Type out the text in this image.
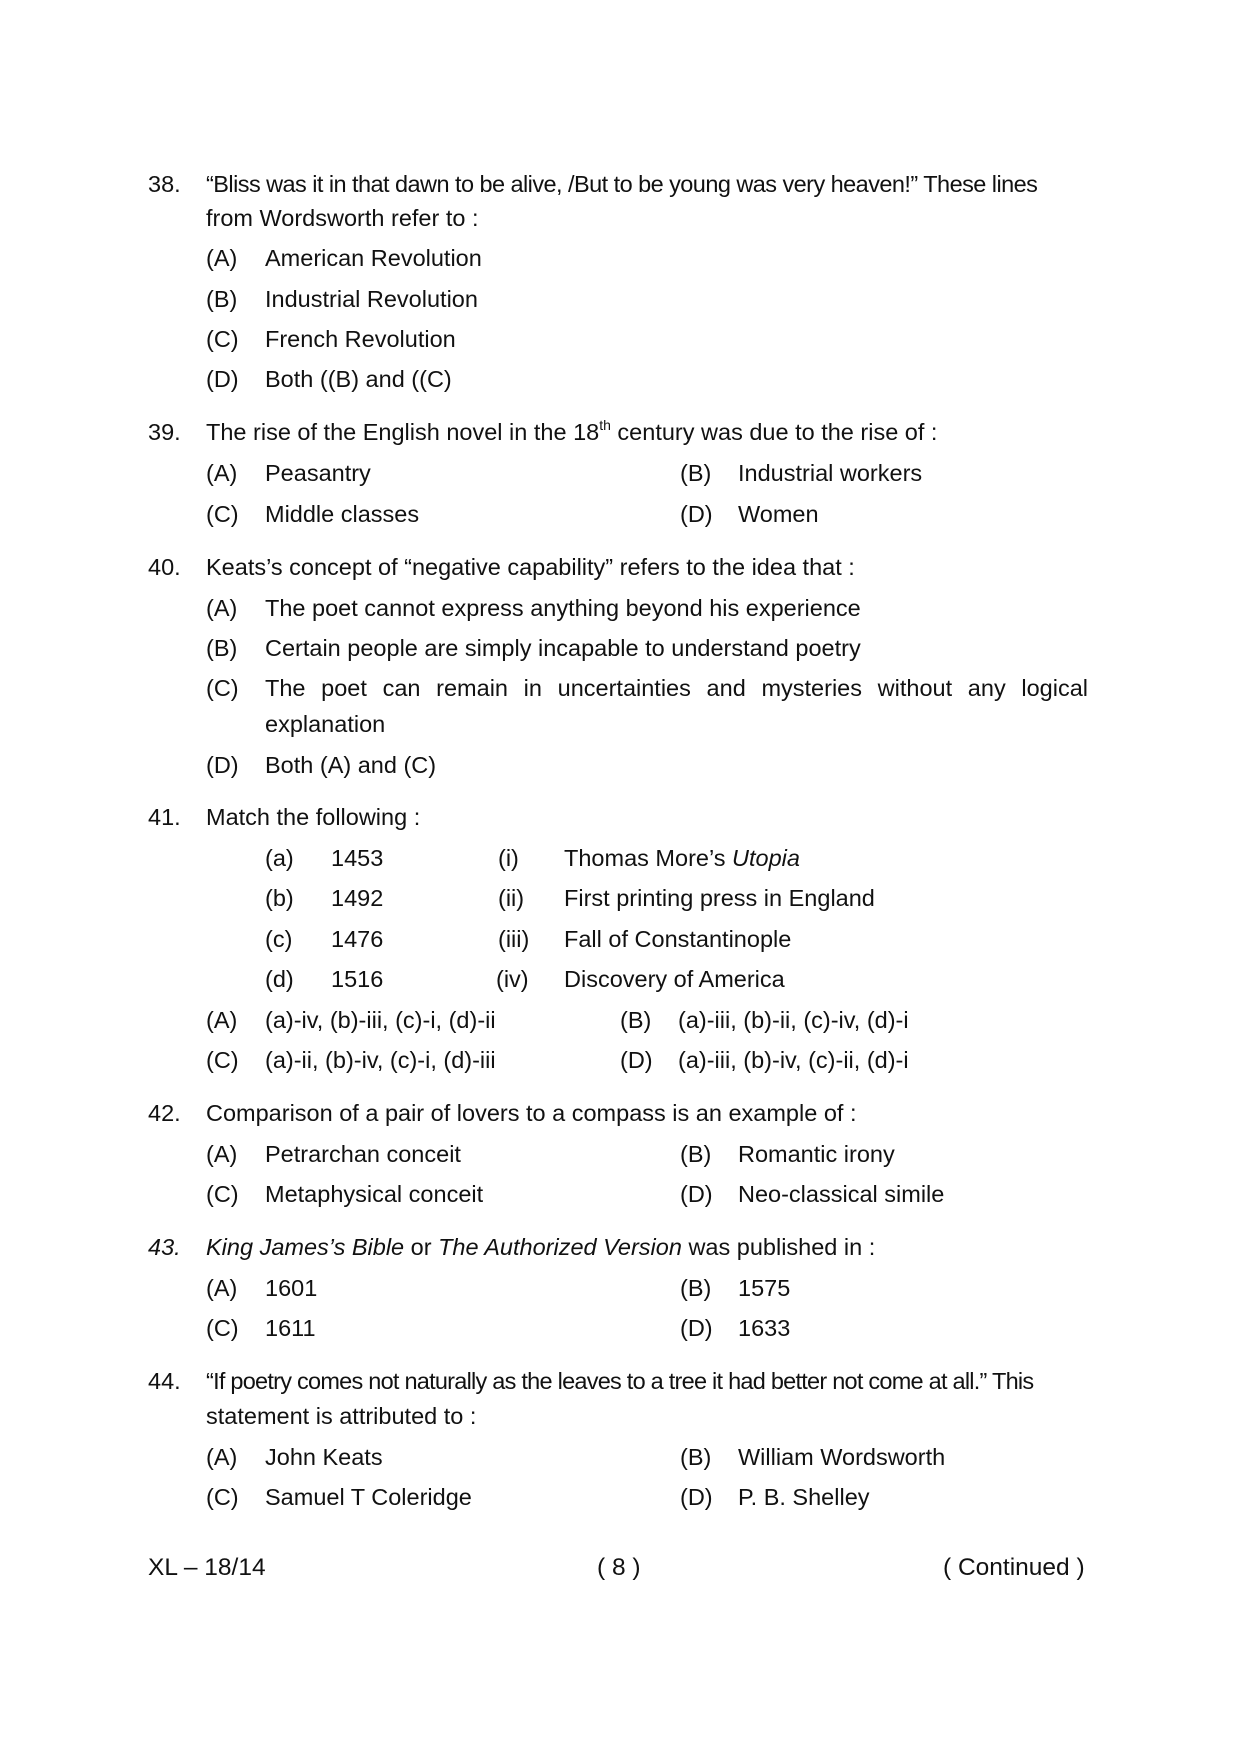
38. “Bliss was it in that dawn to be alive, /But to be young was very heaven!” These lines
from Wordsworth refer to :
(A) American Revolution
(B) Industrial Revolution
(C) French Revolution
(D) Both ((B) and ((C)
39. The rise of the English novel in the 18th century was due to the rise of :
(A) Peasantry	(B) Industrial workers
(C) Middle classes	(D) Women
40. Keats’s concept of “negative capability” refers to the idea that :
(A) The poet cannot express anything beyond his experience
(B) Certain people are simply incapable to understand poetry
(C) The poet can remain in uncertainties and mysteries without any logical
explanation
(D) Both (A) and (C)
41. Match the following :
(a) 1453	(i) Thomas More’s Utopia
(b) 1492	(ii) First printing press in England
(c) 1476	(iii) Fall of Constantinople
(d) 1516	(iv) Discovery of America
(A) (a)-iv, (b)-iii, (c)-i, (d)-ii	(B) (a)-iii, (b)-ii, (c)-iv, (d)-i
(C) (a)-ii, (b)-iv, (c)-i, (d)-iii	(D) (a)-iii, (b)-iv, (c)-ii, (d)-i
42. Comparison of a pair of lovers to a compass is an example of :
(A) Petrarchan conceit	(B) Romantic irony
(C) Metaphysical conceit	(D) Neo-classical simile
43. King James’s Bible or The Authorized Version was published in :
(A) 1601	(B) 1575
(C) 1611	(D) 1633
44. “If poetry comes not naturally as the leaves to a tree it had better not come at all.” This
statement is attributed to :
(A) John Keats	(B) William Wordsworth
(C) Samuel T Coleridge	(D) P. B. Shelley
XL – 18/14	( 8 )	( Continued )
